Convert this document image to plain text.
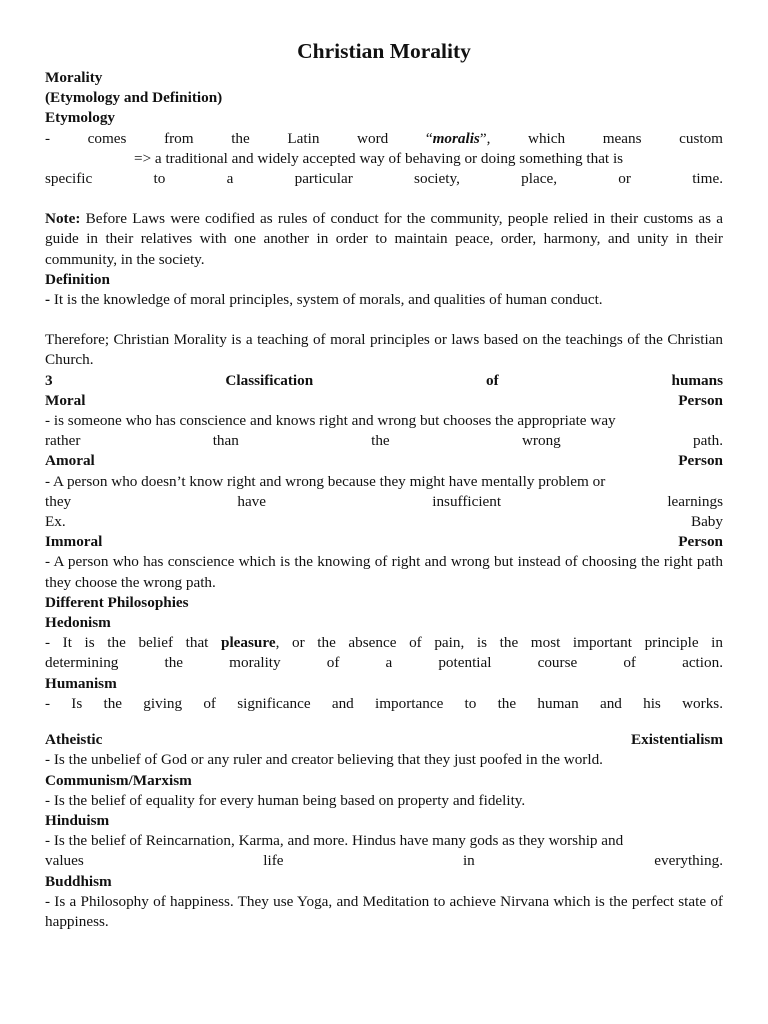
Christian Morality
Morality
(Etymology and Definition)
Etymology
- comes from the Latin word “moralis”, which means custom
=> a traditional and widely accepted way of behaving or doing something that is
specific to a particular society, place, or time.
Note: Before Laws were codified as rules of conduct for the community, people relied in their customs as a guide in their relatives with one another in order to maintain peace, order, harmony, and unity in their community, in the society.
Definition
- It is the knowledge of moral principles, system of morals, and qualities of human conduct.
Therefore; Christian Morality is a teaching of moral principles or laws based on the teachings of the Christian Church.
3	Classification	of	humans
Moral	Person
- is someone who has conscience and knows right and wrong but chooses the appropriate way
rather than the wrong path.
Amoral	Person
- A person who doesn’t know right and wrong because they might have mentally problem or
they have insufficient learnings
Ex.	Baby
Immoral	Person
- A person who has conscience which is the knowing of right and wrong but instead of choosing the right path they choose the wrong path.
Different Philosophies
Hedonism
- It is the belief that pleasure, or the absence of pain, is the most important principle in
determining the morality of a potential course of action.
Humanism
- Is the giving of significance and importance to the human and his works.
Atheistic	Existentialism
- Is the unbelief of God or any ruler and creator believing that they just poofed in the world.
Communism/Marxism
- Is the belief of equality for every human being based on property and fidelity.
Hinduism
- Is the belief of Reincarnation, Karma, and more. Hindus have many gods as they worship and
values life in everything.
Buddhism
- Is a Philosophy of happiness. They use Yoga, and Meditation to achieve Nirvana which is the perfect state of happiness.
